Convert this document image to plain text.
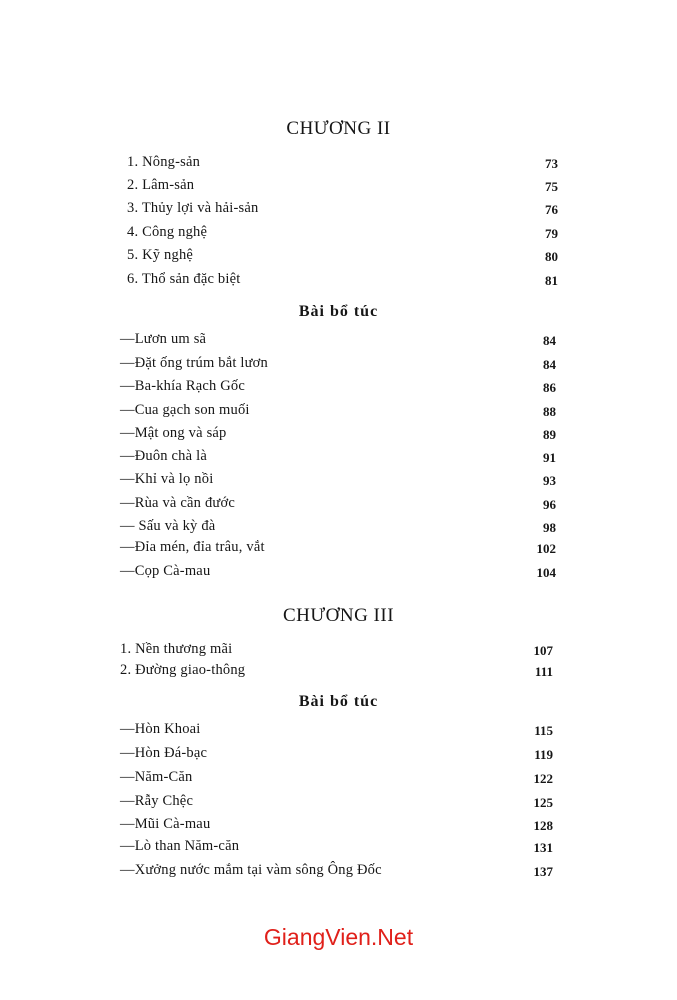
CHƯƠNG II
1. Nông-sản	73
2. Lâm-sản	75
3. Thủy lợi và hải-sản	76
4. Công nghệ	79
5. Kỹ nghệ	80
6. Thổ sản đặc biệt	81
Bài bổ túc
—Lươn um sã	84
—Đặt ống trúm bắt lươn	84
—Ba-khía Rạch Gốc	86
—Cua gạch son muối	88
—Mật ong và sáp	89
—Đuôn chà là	91
—Khỉ và lọ nồi	93
—Rùa và cần đước	96
— Sấu và kỳ đà	98
—Đỉa mén, đỉa trâu, vắt	102
—Cọp Cà-mau	104
CHƯƠNG III
1. Nền thương mãi	107
2. Đường giao-thông	111
Bài bổ túc
—Hòn Khoai	115
—Hòn Đá-bạc	119
—Năm-Căn	122
—Rẫy Chệc	125
—Mũi Cà-mau	128
—Lò than Năm-căn	131
—Xưởng nước mắm tại vàm sông Ông Đốc	137
GiangVien.Net
